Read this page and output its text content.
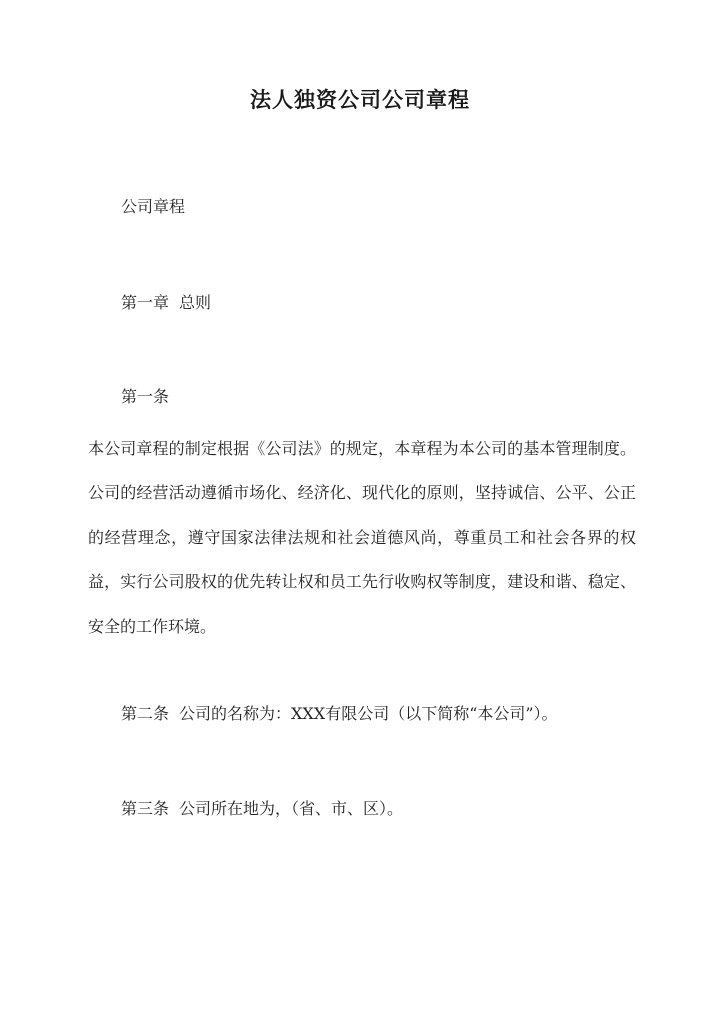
法人独资公司公司章程

公司章程

第一章 总则

第一条

本公司章程的制定根据《公司法》的规定，本章程为本公司的基本管理制度。公司的经营活动遵循市场化、经济化、现代化的原则，坚持诚信、公平、公正的经营理念，遵守国家法律法规和社会道德风尚，尊重员工和社会各界的权益，实行公司股权的优先转让权和员工先行收购权等制度，建设和谐、稳定、安全的工作环境。

第二条 公司的名称为：XXX有限公司（以下简称“本公司”）。

第三条 公司所在地为，（省、市、区）。
